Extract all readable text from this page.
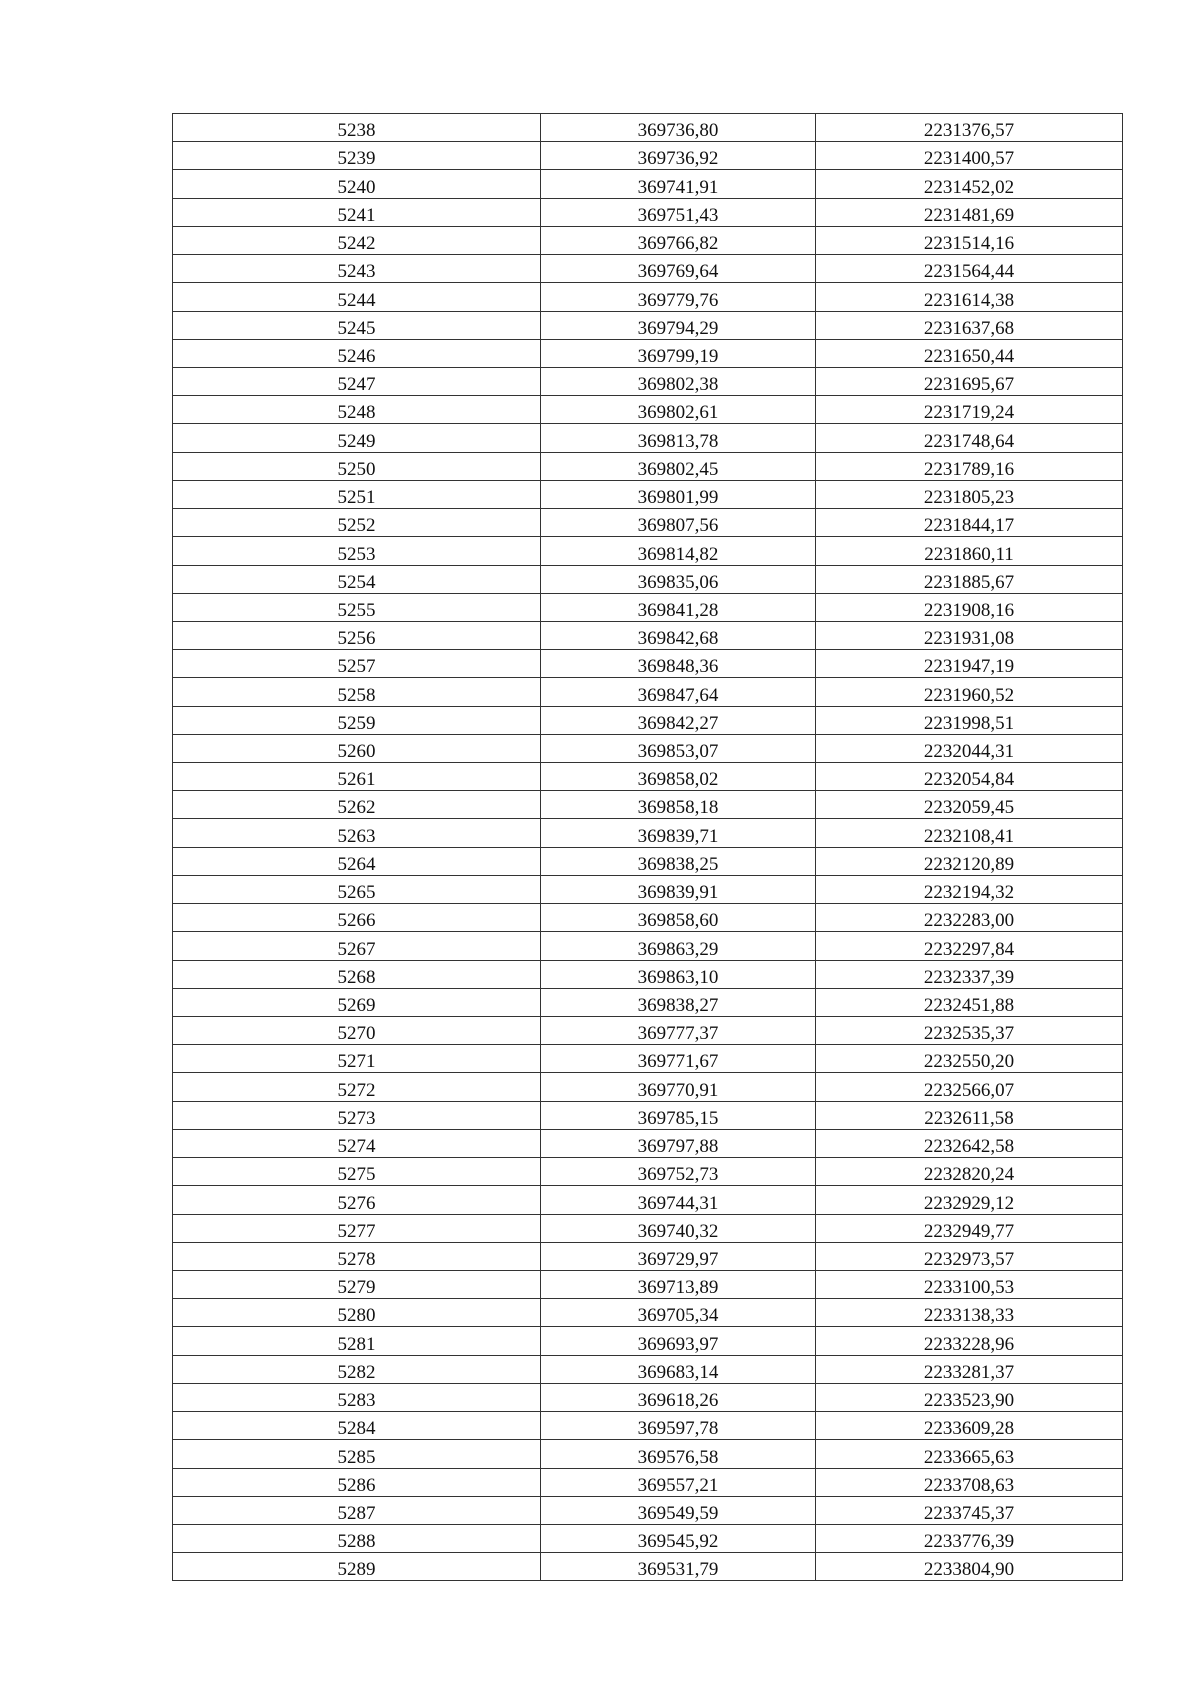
5238	369736,80	2231376,57
5239	369736,92	2231400,57
5240	369741,91	2231452,02
5241	369751,43	2231481,69
5242	369766,82	2231514,16
5243	369769,64	2231564,44
5244	369779,76	2231614,38
5245	369794,29	2231637,68
5246	369799,19	2231650,44
5247	369802,38	2231695,67
5248	369802,61	2231719,24
5249	369813,78	2231748,64
5250	369802,45	2231789,16
5251	369801,99	2231805,23
5252	369807,56	2231844,17
5253	369814,82	2231860,11
5254	369835,06	2231885,67
5255	369841,28	2231908,16
5256	369842,68	2231931,08
5257	369848,36	2231947,19
5258	369847,64	2231960,52
5259	369842,27	2231998,51
5260	369853,07	2232044,31
5261	369858,02	2232054,84
5262	369858,18	2232059,45
5263	369839,71	2232108,41
5264	369838,25	2232120,89
5265	369839,91	2232194,32
5266	369858,60	2232283,00
5267	369863,29	2232297,84
5268	369863,10	2232337,39
5269	369838,27	2232451,88
5270	369777,37	2232535,37
5271	369771,67	2232550,20
5272	369770,91	2232566,07
5273	369785,15	2232611,58
5274	369797,88	2232642,58
5275	369752,73	2232820,24
5276	369744,31	2232929,12
5277	369740,32	2232949,77
5278	369729,97	2232973,57
5279	369713,89	2233100,53
5280	369705,34	2233138,33
5281	369693,97	2233228,96
5282	369683,14	2233281,37
5283	369618,26	2233523,90
5284	369597,78	2233609,28
5285	369576,58	2233665,63
5286	369557,21	2233708,63
5287	369549,59	2233745,37
5288	369545,92	2233776,39
5289	369531,79	2233804,90
